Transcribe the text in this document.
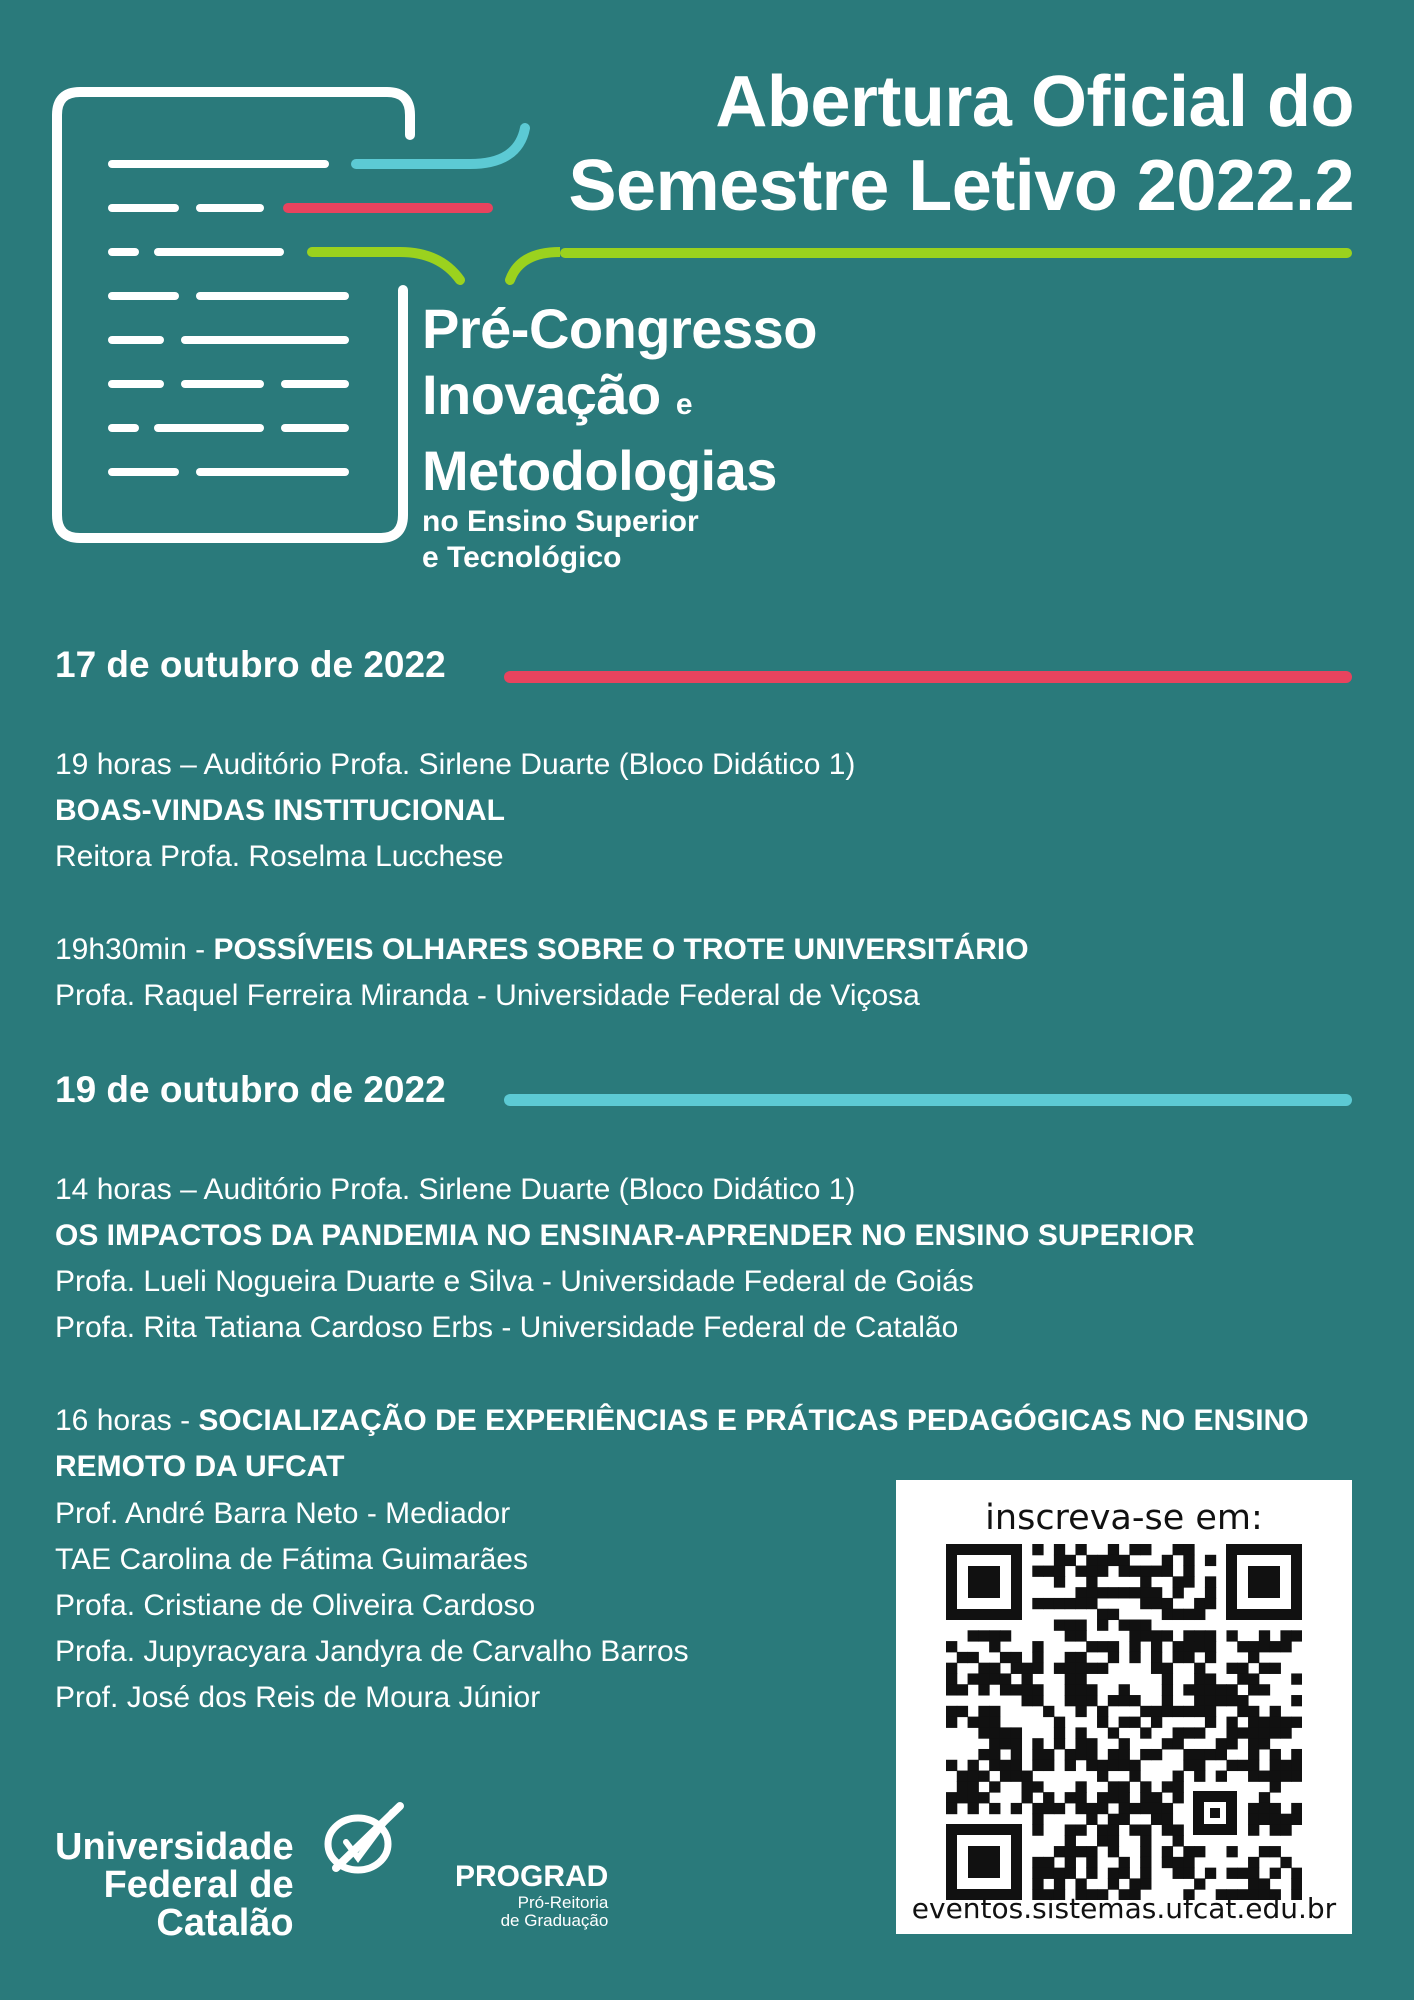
Abertura Oficial do
Semestre Letivo 2022.2
Pré-Congresso
Inovação e
Metodologias
no Ensino Superior
e Tecnológico
17 de outubro de 2022
19 horas – Auditório Profa. Sirlene Duarte (Bloco Didático 1)
BOAS-VINDAS INSTITUCIONAL
Reitora Profa. Roselma Lucchese
19h30min - POSSÍVEIS OLHARES SOBRE O TROTE UNIVERSITÁRIO
Profa. Raquel Ferreira Miranda - Universidade Federal de Viçosa
19 de outubro de 2022
14 horas – Auditório Profa. Sirlene Duarte (Bloco Didático 1)
OS IMPACTOS DA PANDEMIA NO ENSINAR-APRENDER NO ENSINO SUPERIOR
Profa. Lueli Nogueira Duarte e Silva - Universidade Federal de Goiás
Profa. Rita Tatiana Cardoso Erbs - Universidade Federal de Catalão
16 horas - SOCIALIZAÇÃO DE EXPERIÊNCIAS E PRÁTICAS PEDAGÓGICAS NO ENSINO
REMOTO DA UFCAT
Prof. André Barra Neto - Mediador
TAE Carolina de Fátima Guimarães
Profa. Cristiane de Oliveira Cardoso
Profa. Jupyracyara Jandyra de Carvalho Barros
Prof. José dos Reis de Moura Júnior
inscreva-se em:
eventos.sistemas.ufcat.edu.br
Universidade
Federal de
Catalão
PROGRAD
Pró-Reitoria
de Graduação
